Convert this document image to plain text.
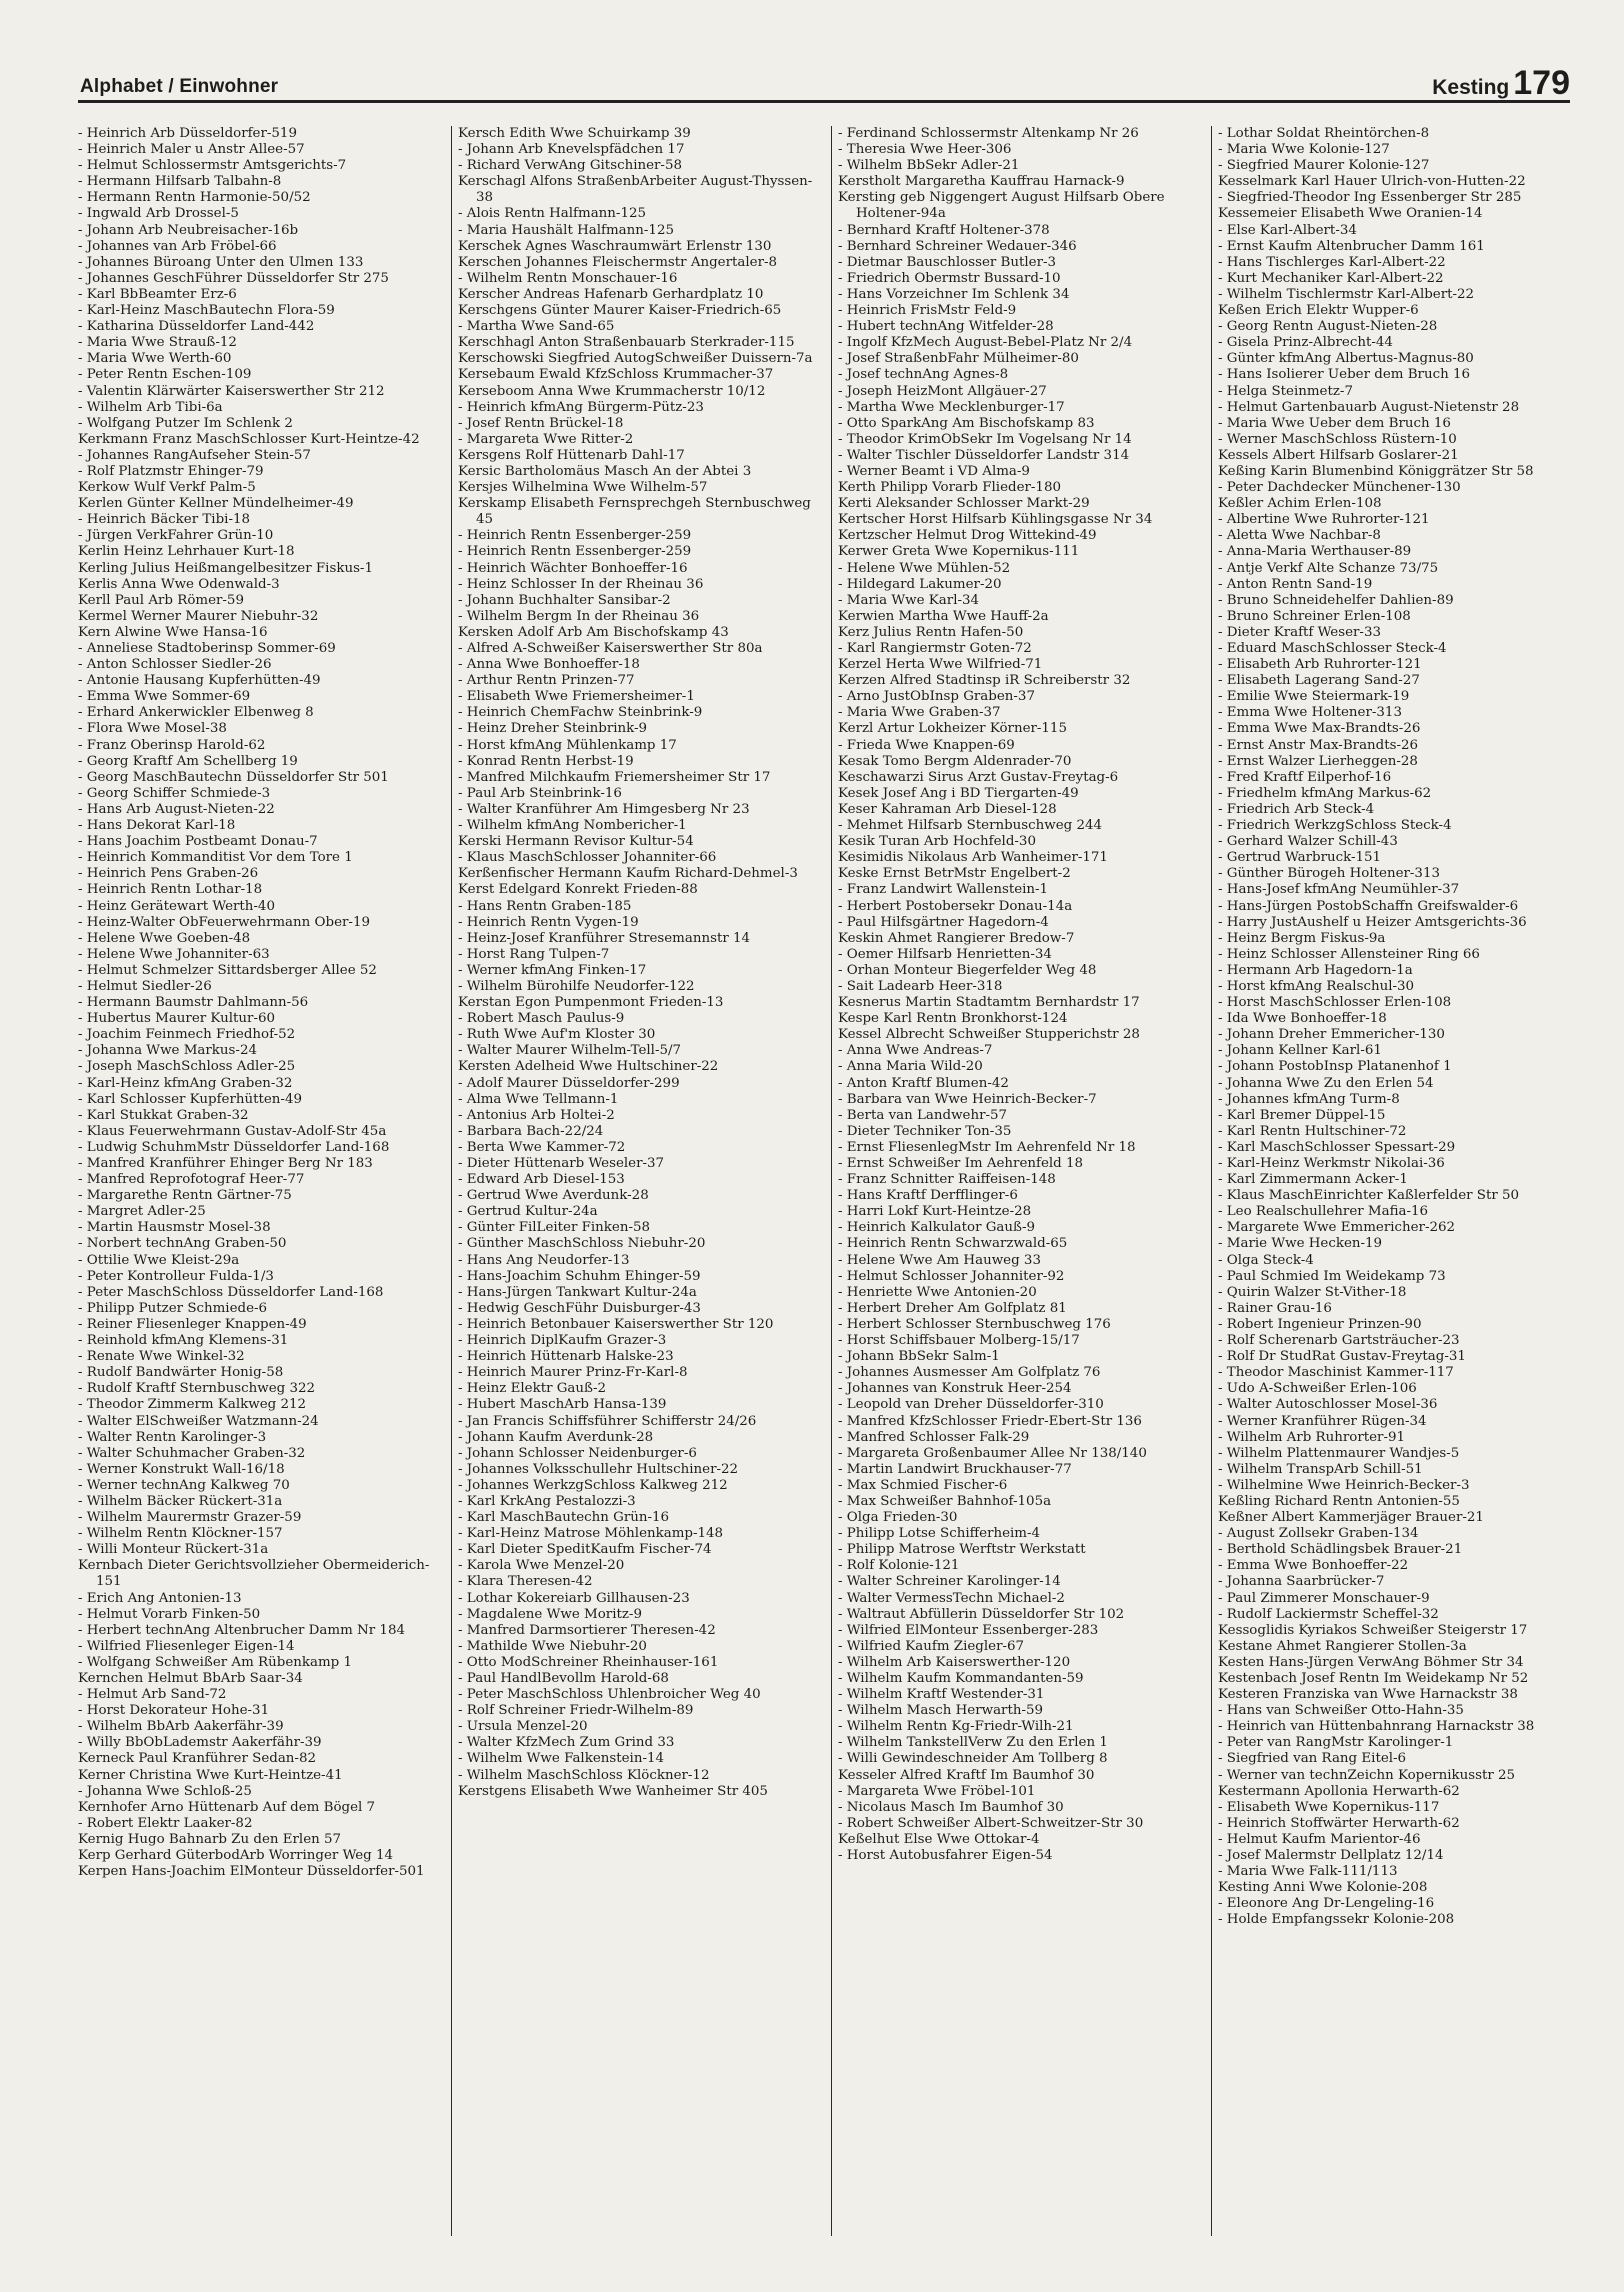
Alphabet / Einwohner	Kesting 179

- Heinrich Arb Düsseldorfer-519

- Heinrich Maler u Anstr Allee-57

- Helmut Schlossermstr Amtsgerichts-7

- Hermann Hilfsarb Talbahn-8

- Hermann Rentn Harmonie-50/52

- Ingwald Arb Drossel-5

- Johann Arb Neubreisacher-16b

- Johannes van Arb Fröbel-66

- Johannes Büroang Unter den Ulmen 133

- Johannes GeschFührer Düsseldorfer Str 275

- Karl BbBeamter Erz-6

- Karl-Heinz MaschBautechn Flora-59

- Katharina Düsseldorfer Land-442

- Maria Wwe Strauß-12

- Maria Wwe Werth-60

- Peter Rentn Eschen-109

- Valentin Klärwärter Kaiserswerther Str 212

- Wilhelm Arb Tibi-6a

- Wolfgang Putzer Im Schlenk 2

Kerkmann Franz MaschSchlosser Kurt-Heintze-42

- Johannes RangAufseher Stein-57

- Rolf Platzmstr Ehinger-79

Kerkow Wulf Verkf Palm-5

Kerlen Günter Kellner Mündelheimer-49

- Heinrich Bäcker Tibi-18

- Jürgen VerkFahrer Grün-10

Kerlin Heinz Lehrhauer Kurt-18

Kerling Julius Heißmangelbesitzer Fiskus-1

Kerlis Anna Wwe Odenwald-3

Kerll Paul Arb Römer-59

Kermel Werner Maurer Niebuhr-32

Kern Alwine Wwe Hansa-16

- Anneliese Stadtoberinsp Sommer-69

- Anton Schlosser Siedler-26

- Antonie Hausang Kupferhütten-49

- Emma Wwe Sommer-69

- Erhard Ankerwickler Elbenweg 8

- Flora Wwe Mosel-38

- Franz Oberinsp Harold-62

- Georg Kraftf Am Schellberg 19

- Georg MaschBautechn Düsseldorfer Str 501

- Georg Schiffer Schmiede-3

- Hans Arb August-Nieten-22

- Hans Dekorat Karl-18

- Hans Joachim Postbeamt Donau-7

- Heinrich Kommanditist Vor dem Tore 1

- Heinrich Pens Graben-26

- Heinrich Rentn Lothar-18

- Heinz Gerätewart Werth-40

- Heinz-Walter ObFeuerwehrmann Ober-19

- Helene Wwe Goeben-48

- Helene Wwe Johanniter-63

- Helmut Schmelzer Sittardsberger Allee 52

- Helmut Siedler-26

- Hermann Baumstr Dahlmann-56

- Hubertus Maurer Kultur-60

- Joachim Feinmech Friedhof-52

- Johanna Wwe Markus-24

- Joseph MaschSchloss Adler-25

- Karl-Heinz kfmAng Graben-32

- Karl Schlosser Kupferhütten-49

- Karl Stukkat Graben-32

- Klaus Feuerwehrmann Gustav-Adolf-Str 45a

- Ludwig SchuhmMstr Düsseldorfer Land-168

- Manfred Kranführer Ehinger Berg Nr 183

- Manfred Reprofotograf Heer-77

- Margarethe Rentn Gärtner-75

- Margret Adler-25

- Martin Hausmstr Mosel-38

- Norbert technAng Graben-50

- Ottilie Wwe Kleist-29a

- Peter Kontrolleur Fulda-1/3

- Peter MaschSchloss Düsseldorfer Land-168

- Philipp Putzer Schmiede-6

- Reiner Fliesenleger Knappen-49

- Reinhold kfmAng Klemens-31

- Renate Wwe Winkel-32

- Rudolf Bandwärter Honig-58

- Rudolf Kraftf Sternbuschweg 322

- Theodor Zimmerm Kalkweg 212

- Walter ElSchweißer Watzmann-24

- Walter Rentn Karolinger-3

- Walter Schuhmacher Graben-32

- Werner Konstrukt Wall-16/18

- Werner technAng Kalkweg 70

- Wilhelm Bäcker Rückert-31a

- Wilhelm Maurermstr Grazer-59

- Wilhelm Rentn Klöckner-157

- Willi Monteur Rückert-31a

Kernbach Dieter Gerichtsvollzieher Obermeiderich-151

- Erich Ang Antonien-13

- Helmut Vorarb Finken-50

- Herbert technAng Altenbrucher Damm Nr 184

- Wilfried Fliesenleger Eigen-14

- Wolfgang Schweißer Am Rübenkamp 1

Kernchen Helmut BbArb Saar-34

- Helmut Arb Sand-72

- Horst Dekorateur Hohe-31

- Wilhelm BbArb Aakerfähr-39

- Willy BbObLademstr Aakerfähr-39

Kerneck Paul Kranführer Sedan-82

Kerner Christina Wwe Kurt-Heintze-41

- Johanna Wwe Schloß-25

Kernhofer Arno Hüttenarb Auf dem Bögel 7

- Robert Elektr Laaker-82

Kernig Hugo Bahnarb Zu den Erlen 57

Kerp Gerhard GüterbodArb Worringer Weg 14

Kerpen Hans-Joachim ElMonteur Düsseldorfer-501

Kersch Edith Wwe Schuirkamp 39

- Johann Arb Knevelspfädchen 17

- Richard VerwAng Gitschiner-58

Kerschagl Alfons StraßenbArbeiter August-Thyssen-38

- Alois Rentn Halfmann-125

- Maria Haushält Halfmann-125

Kerschek Agnes Waschraumwärt Erlenstr 130

Kerschen Johannes Fleischermstr Angertaler-8

- Wilhelm Rentn Monschauer-16

Kerscher Andreas Hafenarb Gerhardplatz 10

Kerschgens Günter Maurer Kaiser-Friedrich-65

- Martha Wwe Sand-65

Kerschhagl Anton Straßenbauarb Sterkrader-115

Kerschowski Siegfried AutogSchweißer Duissern-7a

Kersebaum Ewald KfzSchloss Krummacher-37

Kerseboom Anna Wwe Krummacherstr 10/12

- Heinrich kfmAng Bürgerm-Pütz-23

- Josef Rentn Brückel-18

- Margareta Wwe Ritter-2

Kersgens Rolf Hüttenarb Dahl-17

Kersic Bartholomäus Masch An der Abtei 3

Kersjes Wilhelmina Wwe Wilhelm-57

Kerskamp Elisabeth Fernsprechgeh Sternbuschweg 45

- Heinrich Rentn Essenberger-259

- Heinrich Rentn Essenberger-259

- Heinrich Wächter Bonhoeffer-16

- Heinz Schlosser In der Rheinau 36

- Johann Buchhalter Sansibar-2

- Wilhelm Bergm In der Rheinau 36

Kersken Adolf Arb Am Bischofskamp 43

- Alfred A-Schweißer Kaiserswerther Str 80a

- Anna Wwe Bonhoeffer-18

- Arthur Rentn Prinzen-77

- Elisabeth Wwe Friemersheimer-1

- Heinrich ChemFachw Steinbrink-9

- Heinz Dreher Steinbrink-9

- Horst kfmAng Mühlenkamp 17

- Konrad Rentn Herbst-19

- Manfred Milchkaufm Friemersheimer Str 17

- Paul Arb Steinbrink-16

- Walter Kranführer Am Himgesberg Nr 23

- Wilhelm kfmAng Nombericher-1

Kerski Hermann Revisor Kultur-54

- Klaus MaschSchlosser Johanniter-66

Kerßenfischer Hermann Kaufm Richard-Dehmel-3

Kerst Edelgard Konrekt Frieden-88

- Hans Rentn Graben-185

- Heinrich Rentn Vygen-19

- Heinz-Josef Kranführer Stresemannstr 14

- Horst Rang Tulpen-7

- Werner kfmAng Finken-17

- Wilhelm Bürohilfe Neudorfer-122

Kerstan Egon Pumpenmont Frieden-13

- Robert Masch Paulus-9

- Ruth Wwe Auf'm Kloster 30

- Walter Maurer Wilhelm-Tell-5/7

Kersten Adelheid Wwe Hultschiner-22

- Adolf Maurer Düsseldorfer-299

- Alma Wwe Tellmann-1

- Antonius Arb Holtei-2

- Barbara Bach-22/24

- Berta Wwe Kammer-72

- Dieter Hüttenarb Weseler-37

- Edward Arb Diesel-153

- Gertrud Wwe Averdunk-28

- Gertrud Kultur-24a

- Günter FilLeiter Finken-58

- Günther MaschSchloss Niebuhr-20

- Hans Ang Neudorfer-13

- Hans-Joachim Schuhm Ehinger-59

- Hans-Jürgen Tankwart Kultur-24a

- Hedwig GeschFühr Duisburger-43

- Heinrich Betonbauer Kaiserswerther Str 120

- Heinrich DiplKaufm Grazer-3

- Heinrich Hüttenarb Halske-23

- Heinrich Maurer Prinz-Fr-Karl-8

- Heinz Elektr Gauß-2

- Hubert MaschArb Hansa-139

- Jan Francis Schiffsführer Schifferstr 24/26

- Johann Kaufm Averdunk-28

- Johann Schlosser Neidenburger-6

- Johannes Volksschullehr Hultschiner-22

- Johannes WerkzgSchloss Kalkweg 212

- Karl KrkAng Pestalozzi-3

- Karl MaschBautechn Grün-16

- Karl-Heinz Matrose Möhlenkamp-148

- Karl Dieter SpeditKaufm Fischer-74

- Karola Wwe Menzel-20

- Klara Theresen-42

- Lothar Kokereiarb Gillhausen-23

- Magdalene Wwe Moritz-9

- Manfred Darmsortierer Theresen-42

- Mathilde Wwe Niebuhr-20

- Otto ModSchreiner Rheinhauser-161

- Paul HandlBevollm Harold-68

- Peter MaschSchloss Uhlenbroicher Weg 40

- Rolf Schreiner Friedr-Wilhelm-89

- Ursula Menzel-20

- Walter KfzMech Zum Grind 33

- Wilhelm Wwe Falkenstein-14

- Wilhelm MaschSchloss Klöckner-12

Kerstgens Elisabeth Wwe Wanheimer Str 405

- Ferdinand Schlossermstr Altenkamp Nr 26

- Theresia Wwe Heer-306

- Wilhelm BbSekr Adler-21

Kerstholt Margaretha Kauffrau Harnack-9

Kersting geb Niggengert August Hilfsarb Obere Holtener-94a

- Bernhard Kraftf Holtener-378

- Bernhard Schreiner Wedauer-346

- Dietmar Bauschlosser Butler-3

- Friedrich Obermstr Bussard-10

- Hans Vorzeichner Im Schlenk 34

- Heinrich FrisMstr Feld-9

- Hubert technAng Witfelder-28

- Ingolf KfzMech August-Bebel-Platz Nr 2/4

- Josef StraßenbFahr Mülheimer-80

- Josef technAng Agnes-8

- Joseph HeizMont Allgäuer-27

- Martha Wwe Mecklenburger-17

- Otto SparkAng Am Bischofskamp 83

- Theodor KrimObSekr Im Vogelsang Nr 14

- Walter Tischler Düsseldorfer Landstr 314

- Werner Beamt i VD Alma-9

Kerth Philipp Vorarb Flieder-180

Kerti Aleksander Schlosser Markt-29

Kertscher Horst Hilfsarb Kühlingsgasse Nr 34

Kertzscher Helmut Drog Wittekind-49

Kerwer Greta Wwe Kopernikus-111

- Helene Wwe Mühlen-52

- Hildegard Lakumer-20

- Maria Wwe Karl-34

Kerwien Martha Wwe Hauff-2a

Kerz Julius Rentn Hafen-50

- Karl Rangiermstr Goten-72

Kerzel Herta Wwe Wilfried-71

Kerzen Alfred Stadtinsp iR Schreiberstr 32

- Arno JustObInsp Graben-37

- Maria Wwe Graben-37

Kerzl Artur Lokheizer Körner-115

- Frieda Wwe Knappen-69

Kesak Tomo Bergm Aldenrader-70

Keschawarzi Sirus Arzt Gustav-Freytag-6

Kesek Josef Ang i BD Tiergarten-49

Keser Kahraman Arb Diesel-128

- Mehmet Hilfsarb Sternbuschweg 244

Kesik Turan Arb Hochfeld-30

Kesimidis Nikolaus Arb Wanheimer-171

Keske Ernst BetrMstr Engelbert-2

- Franz Landwirt Wallenstein-1

- Herbert Postobersekr Donau-14a

- Paul Hilfsgärtner Hagedorn-4

Keskin Ahmet Rangierer Bredow-7

- Oemer Hilfsarb Henrietten-34

- Orhan Monteur Biegerfelder Weg 48

- Sait Ladearb Heer-318

Kesnerus Martin Stadtamtm Bernhardstr 17

Kespe Karl Rentn Bronkhorst-124

Kessel Albrecht Schweißer Stupperichstr 28

- Anna Wwe Andreas-7

- Anna Maria Wild-20

- Anton Kraftf Blumen-42

- Barbara van Wwe Heinrich-Becker-7

- Berta van Landwehr-57

- Dieter Techniker Ton-35

- Ernst FliesenlegMstr Im Aehrenfeld Nr 18

- Ernst Schweißer Im Aehrenfeld 18

- Franz Schnitter Raiffeisen-148

- Hans Kraftf Derfflinger-6

- Harri Lokf Kurt-Heintze-28

- Heinrich Kalkulator Gauß-9

- Heinrich Rentn Schwarzwald-65

- Helene Wwe Am Hauweg 33

- Helmut Schlosser Johanniter-92

- Henriette Wwe Antonien-20

- Herbert Dreher Am Golfplatz 81

- Herbert Schlosser Sternbuschweg 176

- Horst Schiffsbauer Molberg-15/17

- Johann BbSekr Salm-1

- Johannes Ausmesser Am Golfplatz 76

- Johannes van Konstruk Heer-254

- Leopold van Dreher Düsseldorfer-310

- Manfred KfzSchlosser Friedr-Ebert-Str 136

- Manfred Schlosser Falk-29

- Margareta Großenbaumer Allee Nr 138/140

- Martin Landwirt Bruckhauser-77

- Max Schmied Fischer-6

- Max Schweißer Bahnhof-105a

- Olga Frieden-30

- Philipp Lotse Schifferheim-4

- Philipp Matrose Werftstr Werkstatt

- Rolf Kolonie-121

- Walter Schreiner Karolinger-14

- Walter VermessTechn Michael-2

- Waltraut Abfüllerin Düsseldorfer Str 102

- Wilfried ElMonteur Essenberger-283

- Wilfried Kaufm Ziegler-67

- Wilhelm Arb Kaiserswerther-120

- Wilhelm Kaufm Kommandanten-59

- Wilhelm Kraftf Westender-31

- Wilhelm Masch Herwarth-59

- Wilhelm Rentn Kg-Friedr-Wilh-21

- Wilhelm TankstellVerw Zu den Erlen 1

- Willi Gewindeschneider Am Tollberg 8

Kesseler Alfred Kraftf Im Baumhof 30

- Margareta Wwe Fröbel-101

- Nicolaus Masch Im Baumhof 30

- Robert Schweißer Albert-Schweitzer-Str 30

Keßelhut Else Wwe Ottokar-4

- Horst Autobusfahrer Eigen-54

- Lothar Soldat Rheintörchen-8

- Maria Wwe Kolonie-127

- Siegfried Maurer Kolonie-127

Kesselmark Karl Hauer Ulrich-von-Hutten-22

- Siegfried-Theodor Ing Essenberger Str 285

Kessemeier Elisabeth Wwe Oranien-14

- Else Karl-Albert-34

- Ernst Kaufm Altenbrucher Damm 161

- Hans Tischlerges Karl-Albert-22

- Kurt Mechaniker Karl-Albert-22

- Wilhelm Tischlermstr Karl-Albert-22

Keßen Erich Elektr Wupper-6

- Georg Rentn August-Nieten-28

- Gisela Prinz-Albrecht-44

- Günter kfmAng Albertus-Magnus-80

- Hans Isolierer Ueber dem Bruch 16

- Helga Steinmetz-7

- Helmut Gartenbauarb August-Nietenstr 28

- Maria Wwe Ueber dem Bruch 16

- Werner MaschSchloss Rüstern-10

Kessels Albert Hilfsarb Goslarer-21

Keßing Karin Blumenbind Königgrätzer Str 58

- Peter Dachdecker Münchener-130

Keßler Achim Erlen-108

- Albertine Wwe Ruhrorter-121

- Aletta Wwe Nachbar-8

- Anna-Maria Werthauser-89

- Antje Verkf Alte Schanze 73/75

- Anton Rentn Sand-19

- Bruno Schneidehelfer Dahlien-89

- Bruno Schreiner Erlen-108

- Dieter Kraftf Weser-33

- Eduard MaschSchlosser Steck-4

- Elisabeth Arb Ruhrorter-121

- Elisabeth Lagerang Sand-27

- Emilie Wwe Steiermark-19

- Emma Wwe Holtener-313

- Emma Wwe Max-Brandts-26

- Ernst Anstr Max-Brandts-26

- Ernst Walzer Lierheggen-28

- Fred Kraftf Eilperhof-16

- Friedhelm kfmAng Markus-62

- Friedrich Arb Steck-4

- Friedrich WerkzgSchloss Steck-4

- Gerhard Walzer Schill-43

- Gertrud Warbruck-151

- Günther Bürogeh Holtener-313

- Hans-Josef kfmAng Neumühler-37

- Hans-Jürgen PostobSchaffn Greifswalder-6

- Harry JustAushelf u Heizer Amtsgerichts-36

- Heinz Bergm Fiskus-9a

- Heinz Schlosser Allensteiner Ring 66

- Hermann Arb Hagedorn-1a

- Horst kfmAng Realschul-30

- Horst MaschSchlosser Erlen-108

- Ida Wwe Bonhoeffer-18

- Johann Dreher Emmericher-130

- Johann Kellner Karl-61

- Johann PostobInsp Platanenhof 1

- Johanna Wwe Zu den Erlen 54

- Johannes kfmAng Turm-8

- Karl Bremer Düppel-15

- Karl Rentn Hultschiner-72

- Karl MaschSchlosser Spessart-29

- Karl-Heinz Werkmstr Nikolai-36

- Karl Zimmermann Acker-1

- Klaus MaschEinrichter Kaßlerfelder Str 50

- Leo Realschullehrer Mafia-16

- Margarete Wwe Emmericher-262

- Marie Wwe Hecken-19

- Olga Steck-4

- Paul Schmied Im Weidekamp 73

- Quirin Walzer St-Vither-18

- Rainer Grau-16

- Robert Ingenieur Prinzen-90

- Rolf Scherenarb Gartsträucher-23

- Rolf Dr StudRat Gustav-Freytag-31

- Theodor Maschinist Kammer-117

- Udo A-Schweißer Erlen-106

- Walter Autoschlosser Mosel-36

- Werner Kranführer Rügen-34

- Wilhelm Arb Ruhrorter-91

- Wilhelm Plattenmaurer Wandjes-5

- Wilhelm TranspArb Schill-51

- Wilhelmine Wwe Heinrich-Becker-3

Keßling Richard Rentn Antonien-55

Keßner Albert Kammerjäger Brauer-21

- August Zollsekr Graben-134

- Berthold Schädlingsbek Brauer-21

- Emma Wwe Bonhoeffer-22

- Johanna Saarbrücker-7

- Paul Zimmerer Monschauer-9

- Rudolf Lackiermstr Scheffel-32

Kessoglidis Kyriakos Schweißer Steigerstr 17

Kestane Ahmet Rangierer Stollen-3a

Kesten Hans-Jürgen VerwAng Böhmer Str 34

Kestenbach Josef Rentn Im Weidekamp Nr 52

Kesteren Franziska van Wwe Harnackstr 38

- Hans van Schweißer Otto-Hahn-35

- Heinrich van Hüttenbahnrang Harnackstr 38

- Peter van RangMstr Karolinger-1

- Siegfried van Rang Eitel-6

- Werner van technZeichn Kopernikusstr 25

Kestermann Apollonia Herwarth-62

- Elisabeth Wwe Kopernikus-117

- Heinrich Stoffwärter Herwarth-62

- Helmut Kaufm Marientor-46

- Josef Malermstr Dellplatz 12/14

- Maria Wwe Falk-111/113

Kesting Anni Wwe Kolonie-208

- Eleonore Ang Dr-Lengeling-16

- Holde Empfangssekr Kolonie-208
